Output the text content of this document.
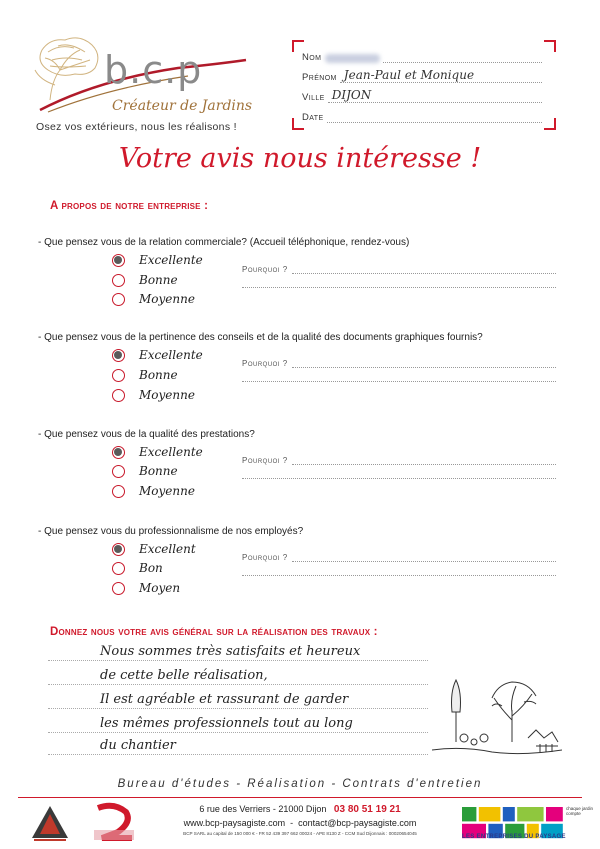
b.c.p
Créateur de Jardins
Osez vos extérieurs, nous les réalisons !
Nom
Prénom Jean-Paul et Monique
Ville DIJON
Date
Votre avis nous intéresse !
A propos de notre entreprise :
- Que pensez vous de la relation commerciale? (Accueil téléphonique, rendez-vous)
Excellente
Bonne
Moyenne
Pourquoi ?
- Que pensez vous de la pertinence des conseils et de la qualité des documents graphiques fournis?
Excellente
Bonne
Moyenne
Pourquoi ?
- Que pensez vous de la qualité des prestations?
Excellente
Bonne
Moyenne
Pourquoi ?
- Que pensez vous du professionnalisme de nos employés?
Excellent
Bon
Moyen
Pourquoi ?
Donnez nous votre avis général sur la réalisation des travaux :
Nous sommes très satisfaits et heureux
de cette belle réalisation,
Il est agréable et rassurant de garder
les mêmes professionnels tout au long
du chantier
Bureau d'études - Réalisation - Contrats d'entretien
6 rue des Verriers - 21000 Dijon 03 80 51 19 21
www.bcp-paysagiste.com  -  contact@bcp-paysagiste.com
BCP SARL au capital de 150 000 € - FR 52 439 397 662 00024 - APE 8130 Z - CCM Sud Dijonnais : 00020654045
LES ENTREPRISES DU PAYSAGE
chaque jardin compte
